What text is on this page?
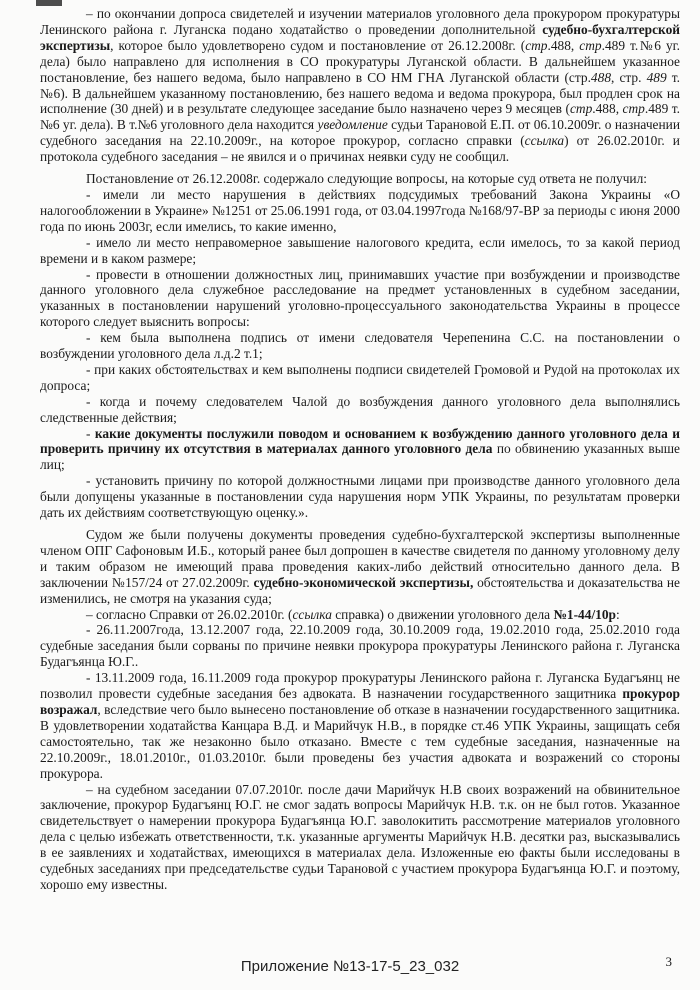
– по окончании допроса свидетелей и изучении материалов уголовного дела прокурором прокуратуры Ленинского района г. Луганска подано ходатайство о проведении дополнительной судебно-бухгалтерской экспертизы, которое было удовлетворено судом и постановление от 26.12.2008г. (стр.488, стр.489 т.№6 уг. дела) было направлено для исполнения в СО прокуратуры Луганской области. В дальнейшем указанное постановление, без нашего ведома, было направлено в СО НМ ГНА Луганской области (стр.488, стр. 489 т.№6). В дальнейшем указанному постановлению, без нашего ведома и ведома прокурора, был продлен срок на исполнение (30 дней) и в результате следующее заседание было назначено через 9 месяцев (стр.488, стр.489 т.№6 уг. дела). В т.№6 уголовного дела находится уведомление судьи Тарановой Е.П. от 06.10.2009г. о назначении судебного заседания на 22.10.2009г., на которое прокурор, согласно справки (ссылка) от 26.02.2010г. и протокола судебного заседания – не явился и о причинах неявки суду не сообщил.

Постановление от 26.12.2008г. содержало следующие вопросы, на которые суд ответа не получил:

- имели ли место нарушения в действиях подсудимых требований Закона Украины «О налогообложении в Украине» №1251 от 25.06.1991 года, от 03.04.1997года №168/97-ВР за периоды с июня 2000 года по июнь 2003г, если имелись, то какие именно,

- имело ли место неправомерное завышение налогового кредита, если имелось, то за какой период времени и в каком размере;

- провести в отношении должностных лиц, принимавших участие при возбуждении и производстве данного уголовного дела служебное расследование на предмет установленных в судебном заседании, указанных в постановлении нарушений уголовно-процессуального законодательства Украины в процессе которого следует выяснить вопросы:

- кем была выполнена подпись от имени следователя Черепенина С.С. на постановлении о возбуждении уголовного дела л.д.2 т.1;

- при каких обстоятельствах и кем выполнены подписи свидетелей Громовой и Рудой на протоколах их допроса;

- когда и почему следователем Чалой до возбуждения данного уголовного дела выполнялись следственные действия;

- какие документы послужили поводом и основанием к возбуждению данного уголовного дела и проверить причину их отсутствия в материалах данного уголовного дела по обвинению указанных выше лиц;

- установить причину по которой должностными лицами при производстве данного уголовного дела были допущены указанные в постановлении суда нарушения норм УПК Украины, по результатам проверки дать их действиям соответствующую оценку.».

Судом же были получены документы проведения судебно-бухгалтерской экспертизы выполненные членом ОПГ Сафоновым И.Б., который ранее был допрошен в качестве свидетеля по данному уголовному делу и таким образом не имеющий права проведения каких-либо действий относительно данного дела. В заключении №157/24 от 27.02.2009г. судебно-экономической экспертизы, обстоятельства и доказательства не изменились, не смотря на указания суда;

– согласно Справки от 26.02.2010г. (ссылка справка) о движении уголовного дела №1-44/10р:

- 26.11.2007года, 13.12.2007 года, 22.10.2009 года, 30.10.2009 года, 19.02.2010 года, 25.02.2010 года судебные заседания были сорваны по причине неявки прокурора прокуратуры Ленинского района г. Луганска Будагъянца Ю.Г..

- 13.11.2009 года, 16.11.2009 года прокурор прокуратуры Ленинского района г. Луганска Будагъянц не позволил провести судебные заседания без адвоката. В назначении государственного защитника прокурор возражал, вследствие чего было вынесено постановление об отказе в назначении государственного защитника. В удовлетворении ходатайства Канцара В.Д. и Марийчук Н.В., в порядке ст.46 УПК Украины, защищать себя самостоятельно, так же незаконно было отказано. Вместе с тем судебные заседания, назначенные на 22.10.2009г., 18.01.2010г., 01.03.2010г. были проведены без участия адвоката и возражений со стороны прокурора.

– на судебном заседании 07.07.2010г. после дачи Марийчук Н.В своих возражений на обвинительное заключение, прокурор Будагъянц Ю.Г. не смог задать вопросы Марийчук Н.В. т.к. он не был готов. Указанное свидетельствует о намерении прокурора Будагъянца Ю.Г. заволокитить рассмотрение материалов уголовного дела с целью избежать ответственности, т.к. указанные аргументы Марийчук Н.В. десятки раз, высказывались в ее заявлениях и ходатайствах, имеющихся в материалах дела. Изложенные ею факты были исследованы в судебных заседаниях при председательстве судьи Тарановой с участием прокурора Будагъянца Ю.Г. и поэтому, хорошо ему известны.

Приложение №13-17-5_23_032	3
